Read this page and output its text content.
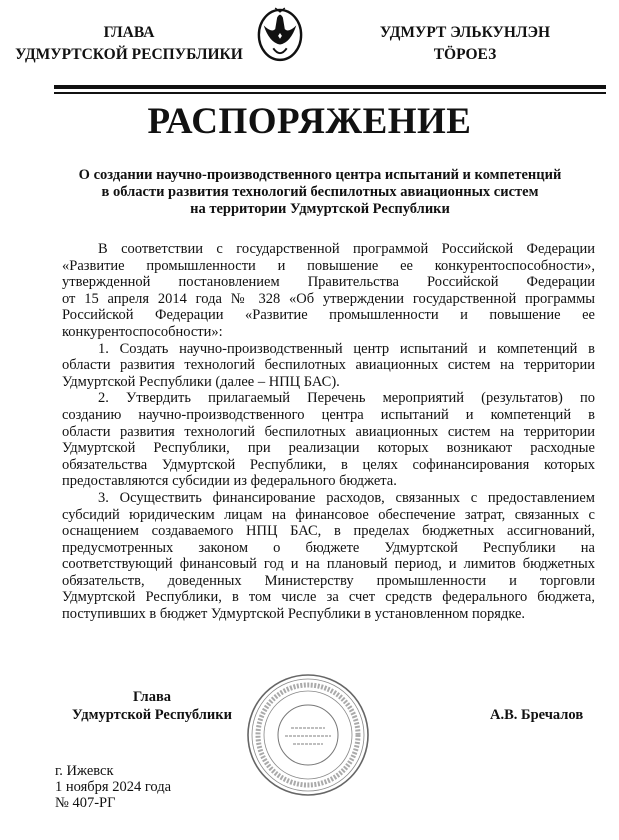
ГЛАВА
УДМУРТСКОЙ РЕСПУБЛИКИ
УДМУРТ ЭЛЬКУНЛЭН
ТӦРОЕЗ
РАСПОРЯЖЕНИЕ
О создании научно-производственного центра испытаний и компетенций
в области развития технологий беспилотных авиационных систем
на территории Удмуртской Республики
В соответствии с государственной программой Российской Федерации
«Развитие промышленности и повышение ее конкурентоспособности»,
утвержденной постановлением Правительства Российской Федерации
от 15 апреля 2014 года № 328 «Об утверждении государственной программы
Российской Федерации «Развитие промышленности и повышение ее
конкурентоспособности»:
1. Создать научно-производственный центр испытаний и компетенций в
области развития технологий беспилотных авиационных систем на территории
Удмуртской Республики (далее – НПЦ БАС).
2. Утвердить прилагаемый Перечень мероприятий (результатов) по
созданию научно-производственного центра испытаний и компетенций в
области развития технологий беспилотных авиационных систем на территории
Удмуртской Республики, при реализации которых возникают расходные
обязательства Удмуртской Республики, в целях софинансирования которых
предоставляются субсидии из федерального бюджета.
3. Осуществить финансирование расходов, связанных с предоставлением
субсидий юридическим лицам на финансовое обеспечение затрат, связанных с
оснащением создаваемого НПЦ БАС, в пределах бюджетных ассигнований,
предусмотренных законом о бюджете Удмуртской Республики на
соответствующий финансовый год и на плановый период, и лимитов бюджетных
обязательств, доведенных Министерству промышленности и торговли
Удмуртской Республики, в том числе за счет средств федерального бюджета,
поступивших в бюджет Удмуртской Республики в установленном порядке.
Глава
Удмуртской Республики	А.В. Бречалов
г. Ижевск
1 ноября 2024 года
№ 407-РГ
